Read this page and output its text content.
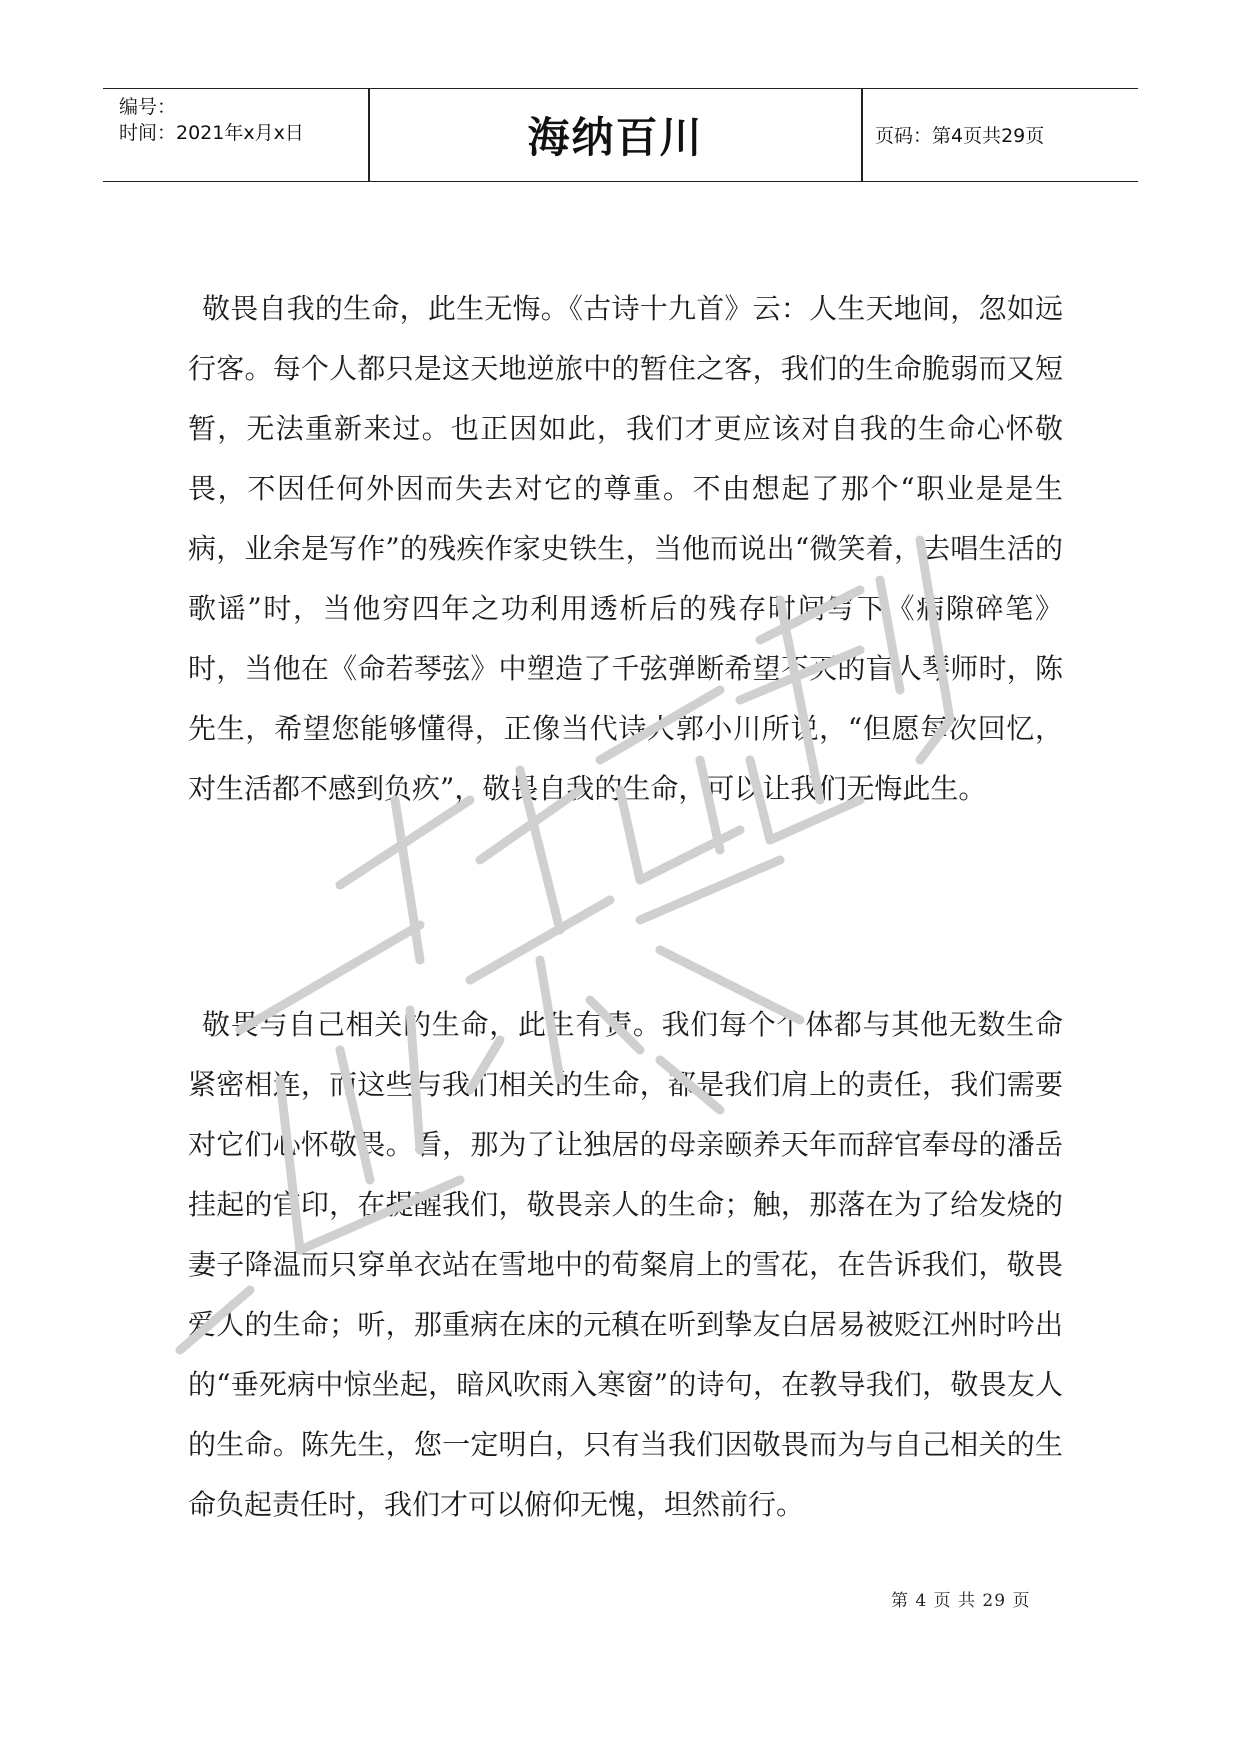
编号：
时间：2021年x月x日	海纳百川	页码：第4页共29页

敬畏自我的生命，此生无悔。《古诗十九首》云：人生天地间，忽如远行客。每个人都只是这天地逆旅中的暂住之客，我们的生命脆弱而又短暂，无法重新来过。也正因如此，我们才更应该对自我的生命心怀敬畏，不因任何外因而失去对它的尊重。不由想起了那个“职业是是生病，业余是写作”的残疾作家史铁生，当他而说出“微笑着，去唱生活的歌谣”时，当他穷四年之功利用透析后的残存时间写下《病隙碎笔》时，当他在《命若琴弦》中塑造了千弦弹断希望不灭的盲人琴师时，陈先生，希望您能够懂得，正像当代诗人郭小川所说，“但愿每次回忆，对生活都不感到负疚”，敬畏自我的生命，可以让我们无悔此生。

敬畏与自己相关的生命，此生有责。我们每个个体都与其他无数生命紧密相连，而这些与我们相关的生命，都是我们肩上的责任，我们需要对它们心怀敬畏。看，那为了让独居的母亲颐养天年而辞官奉母的潘岳挂起的官印，在提醒我们，敬畏亲人的生命；触，那落在为了给发烧的妻子降温而只穿单衣站在雪地中的荀粲肩上的雪花，在告诉我们，敬畏爱人的生命；听，那重病在床的元稹在听到挚友白居易被贬江州时吟出的“垂死病中惊坐起，暗风吹雨入寒窗”的诗句，在教导我们，敬畏友人的生命。陈先生，您一定明白，只有当我们因敬畏而为与自己相关的生命负起责任时，我们才可以俯仰无愧，坦然前行。

第 4 页 共 29 页
